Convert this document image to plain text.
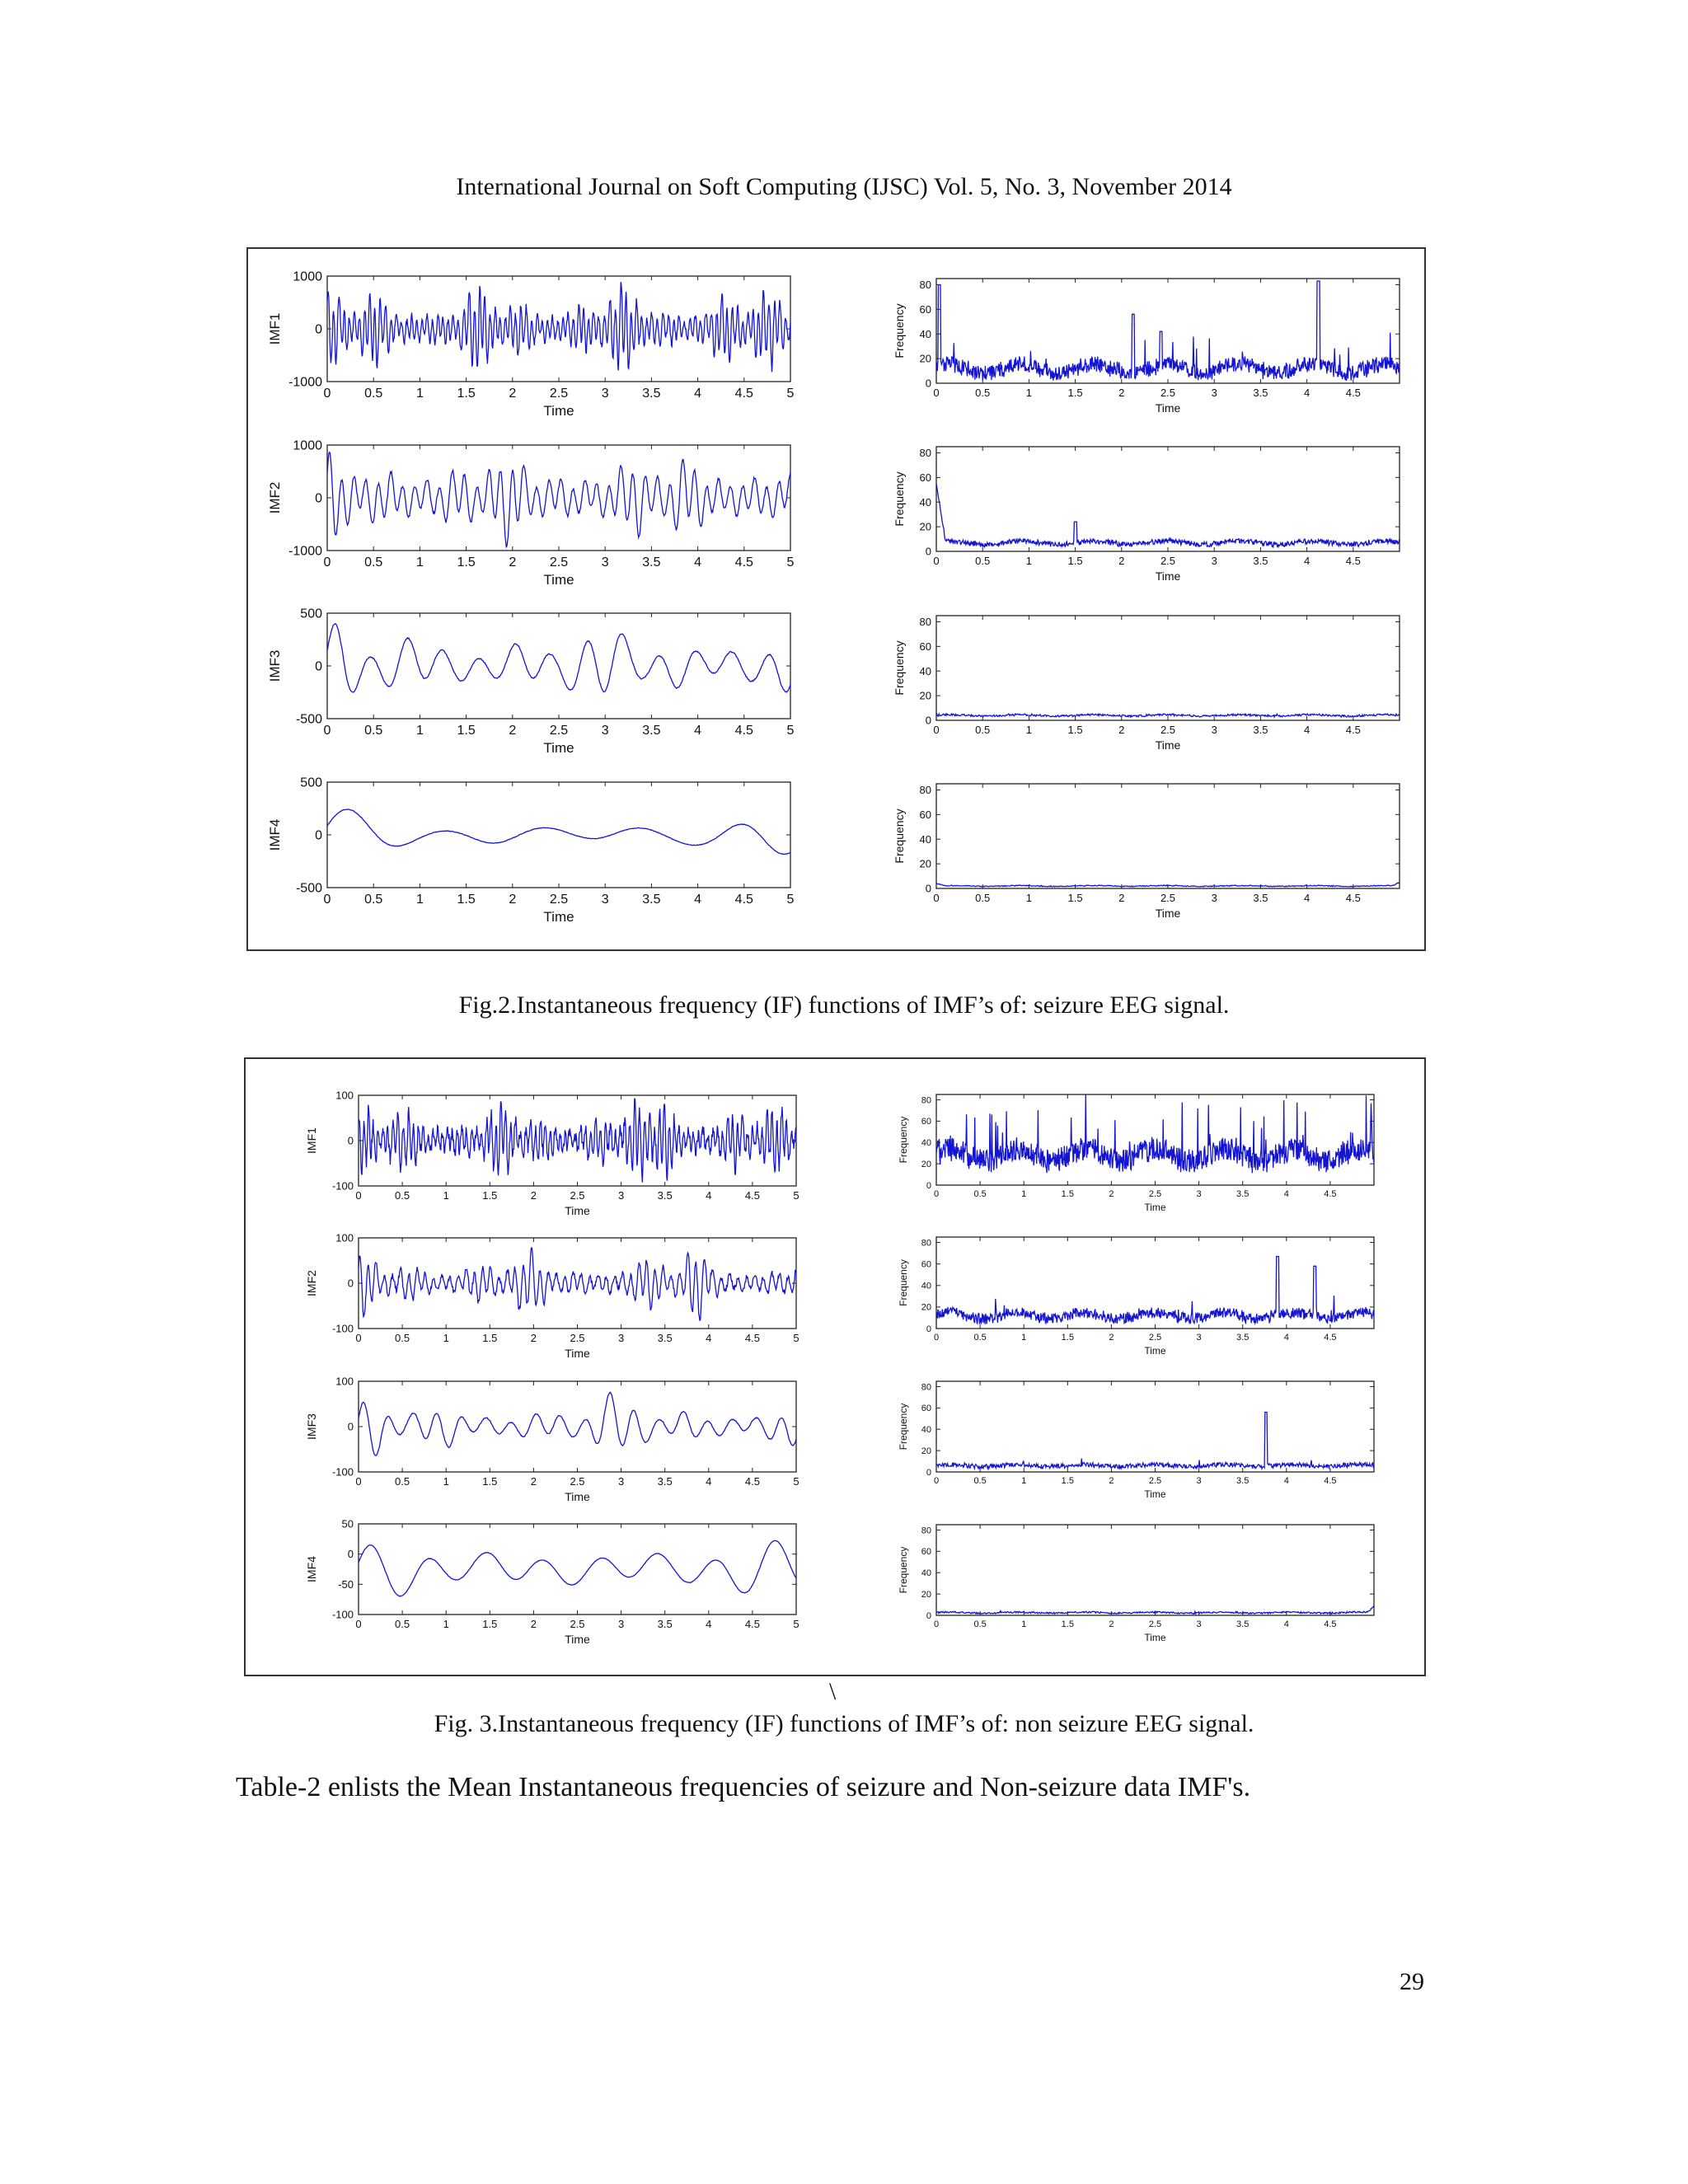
International Journal on Soft Computing (IJSC) Vol. 5, No. 3, November 2014
0	0.5	1	1.5	2	2.5	3	3.5	4	4.5	5
1000
0
-1000
Time
IMF1
0	0.5	1	1.5	2	2.5	3	3.5	4	4.5	5
1000
0
-1000
Time
IMF2
0	0.5	1	1.5	2	2.5	3	3.5	4	4.5	5
500
0
-500
Time
IMF3
0	0.5	1	1.5	2	2.5	3	3.5	4	4.5	5
500
0
-500
Time
IMF4
0	0.5	1	1.5	2	2.5	3	3.5	4	4.5
80
60
40
20
0
Time
Frequency
0	0.5	1	1.5	2	2.5	3	3.5	4	4.5
80
60
40
20
0
Time
Frequency
0	0.5	1	1.5	2	2.5	3	3.5	4	4.5
80
60
40
20
0
Time
Frequency
0	0.5	1	1.5	2	2.5	3	3.5	4	4.5
80
60
40
20
0
Time
Frequency
Fig.2.Instantaneous frequency (IF) functions of IMF’s of: seizure EEG signal.
0	0.5	1	1.5	2	2.5	3	3.5	4	4.5	5
100
0
-100
Time
IMF1
0	0.5	1	1.5	2	2.5	3	3.5	4	4.5	5
100
0
-100
Time
IMF2
0	0.5	1	1.5	2	2.5	3	3.5	4	4.5	5
100
0
-100
Time
IMF3
0	0.5	1	1.5	2	2.5	3	3.5	4	4.5	5
50
0
-50
-100
Time
IMF4
0	0.5	1	1.5	2	2.5	3	3.5	4	4.5
80
60
40
20
0
Time
Frequency
0	0.5	1	1.5	2	2.5	3	3.5	4	4.5
80
60
40
20
0
Time
Frequency
0	0.5	1	1.5	2	2.5	3	3.5	4	4.5
80
60
40
20
0
Time
Frequency
0	0.5	1	1.5	2	2.5	3	3.5	4	4.5
80
60
40
20
0
Time
Frequency
\
Fig. 3.Instantaneous frequency (IF) functions of IMF’s of: non seizure EEG signal.
Table-2 enlists the Mean Instantaneous frequencies of seizure and Non-seizure data IMF's.
29
